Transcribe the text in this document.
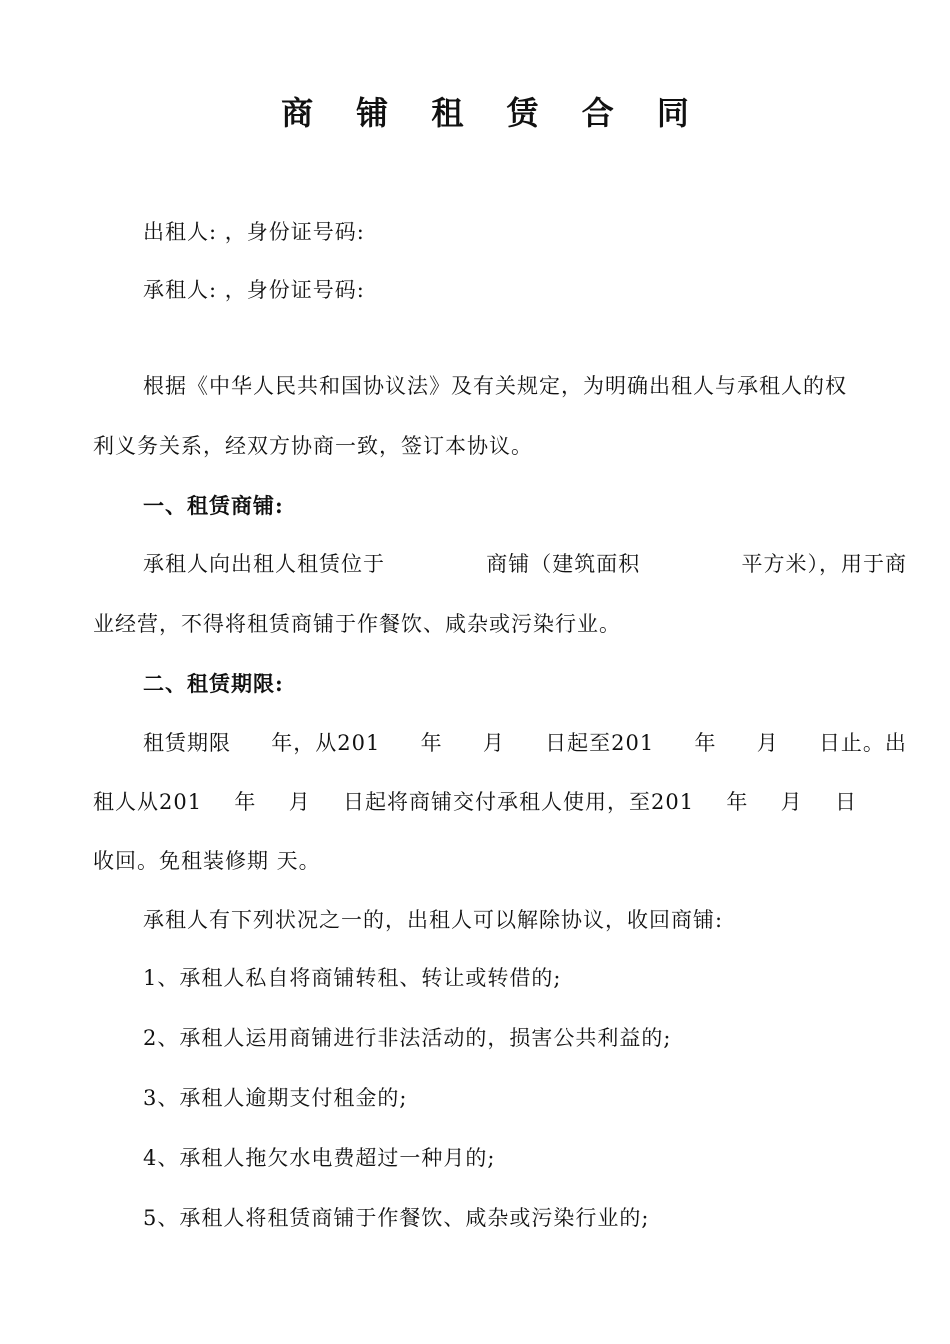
商 铺 租 赁 合 同
出租人: ，身份证号码:
承租人: ，身份证号码:
根据《中华人民共和国协议法》及有关规定，为明确出租人与承租人的权
利义务关系，经双方协商一致，签订本协议。
一、租赁商铺:
承租人向出租人租赁位于	商铺（建筑面积	平方米），用于商
业经营，不得将租赁商铺于作餐饮、咸杂或污染行业。
二、租赁期限:
租赁期限 年，从201 年 月 日起至201 年 月 日止。出
租人从201 年 月 日起将商铺交付承租人使用，至201 年 月 日
收回。免租装修期 天。
承租人有下列状况之一的，出租人可以解除协议，收回商铺:
1、承租人私自将商铺转租、转让或转借的;
2、承租人运用商铺进行非法活动的，损害公共利益的;
3、承租人逾期支付租金的;
4、承租人拖欠水电费超过一种月的;
5、承租人将租赁商铺于作餐饮、咸杂或污染行业的;
